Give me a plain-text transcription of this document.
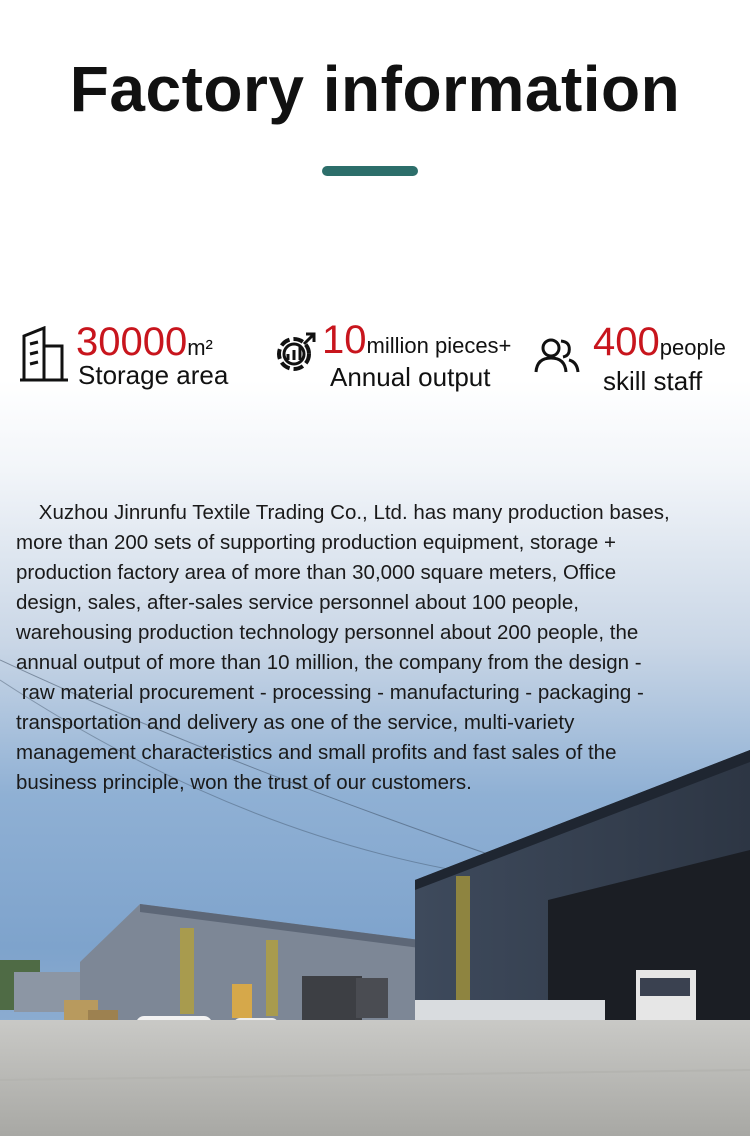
Factory information
30000m²
Storage area
10million pieces+
Annual output
400people
skill staff
Xuzhou Jinrunfu Textile Trading Co., Ltd. has many production bases,
more than 200 sets of supporting production equipment, storage +
production factory area of more than 30,000 square meters, Office
design, sales, after-sales service personnel about 100 people,
warehousing production technology personnel about 200 people, the
annual output of more than 10 million, the company from the design -
raw material procurement - processing - manufacturing - packaging -
transportation and delivery as one of the service, multi-variety
management characteristics and small profits and fast sales of the
business principle, won the trust of our customers.
